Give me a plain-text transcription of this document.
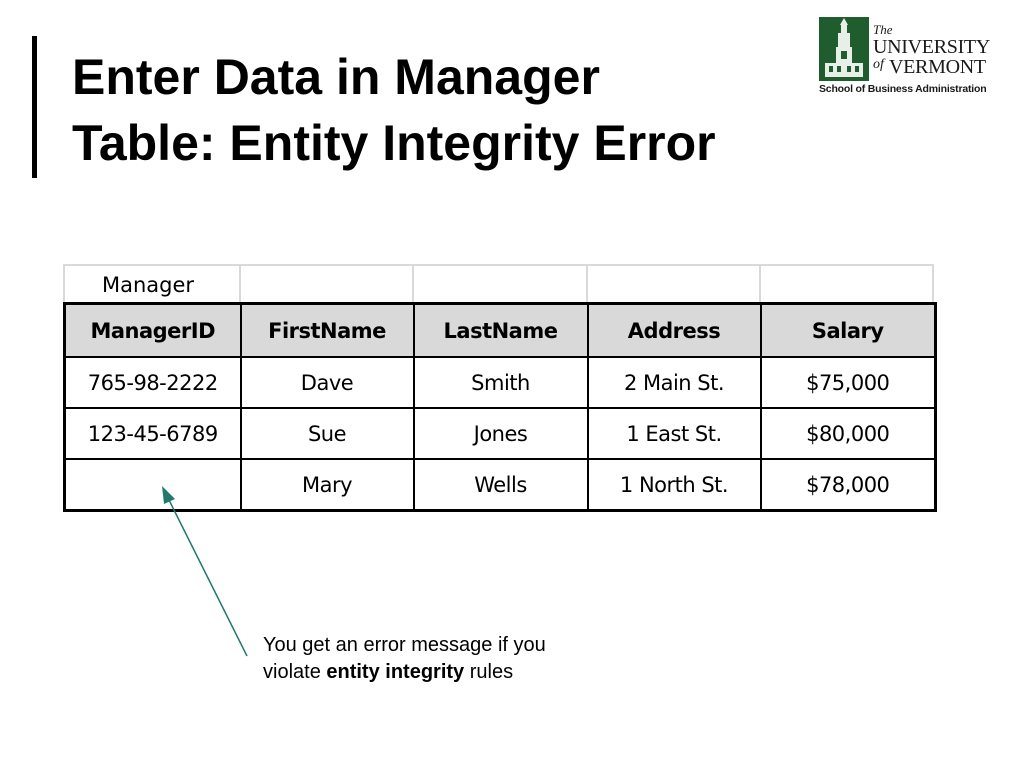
Enter Data in Manager
Table: Entity Integrity Error
The
UNIVERSITY
of VERMONT
School of Business Administration
Manager
ManagerID	FirstName	LastName	Address	Salary
765-98-2222	Dave	Smith	2 Main St.	$75,000
123-45-6789	Sue	Jones	1 East St.	$80,000
	Mary	Wells	1 North St.	$78,000
You get an error message if you
violate entity integrity rules
